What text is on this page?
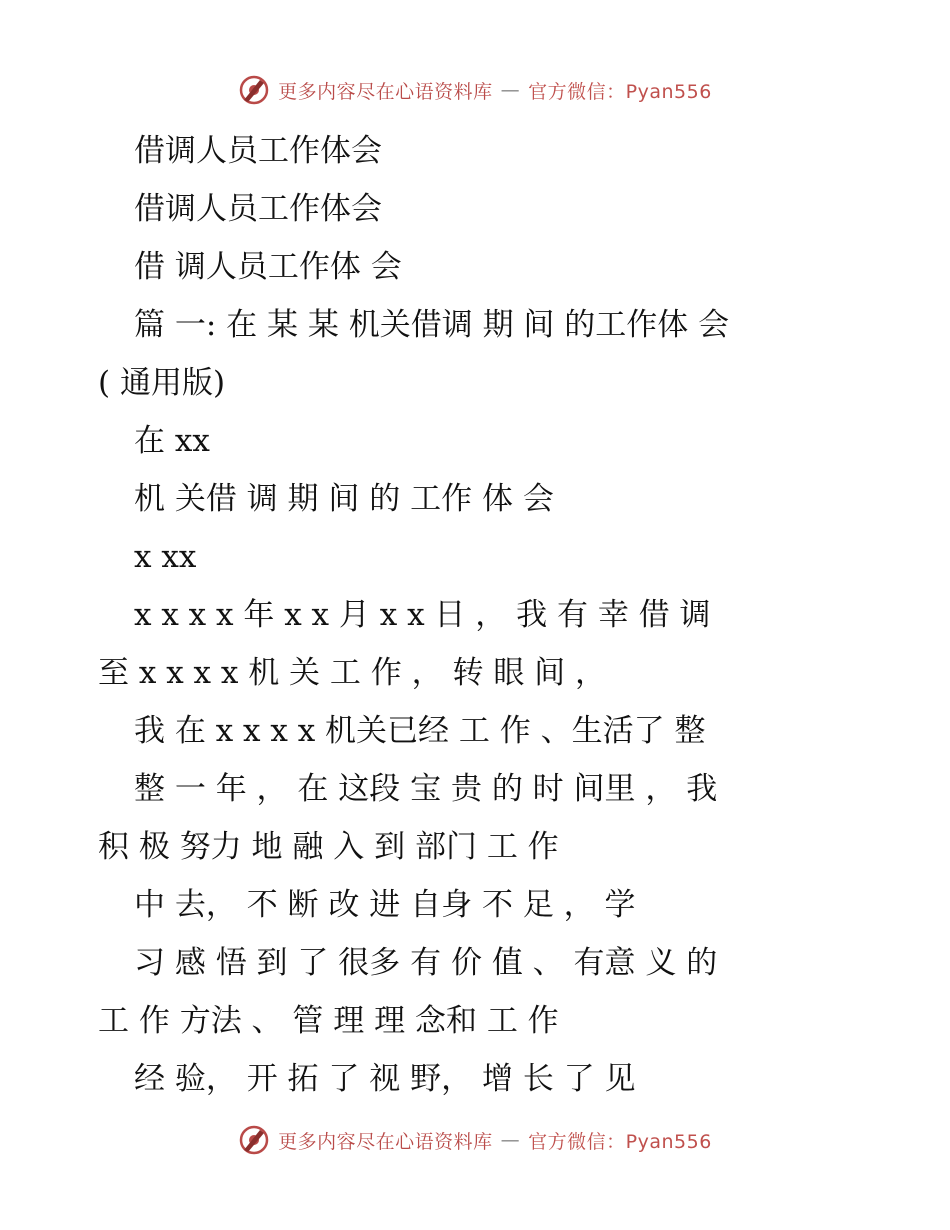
更多内容尽在心语资料库 — 官方微信：Pyan556
借调人员工作体会
借调人员工作体会
借 调人员工作体 会
篇 一: 在 某 某 机关借调 期 间 的工作体 会
( 通用版)
在 xx
机 关借 调 期 间 的 工作 体 会
x xx
x x x x 年 x x 月 x x 日 ， 我 有 幸 借 调
至 x x x x 机 关 工 作 ， 转 眼 间 ，
我 在 x x x x 机关已经 工 作 、生活了 整
整 一 年 ， 在 这段 宝 贵 的 时 间里 ， 我
积 极 努力 地 融 入 到 部门 工 作
中 去， 不 断 改 进 自身 不 足 ， 学
习 感 悟 到 了 很多 有 价 值 、 有意 义 的
工 作 方法 、 管 理 理 念和 工 作
经 验， 开 拓 了 视 野， 增 长 了 见
更多内容尽在心语资料库 — 官方微信：Pyan556
